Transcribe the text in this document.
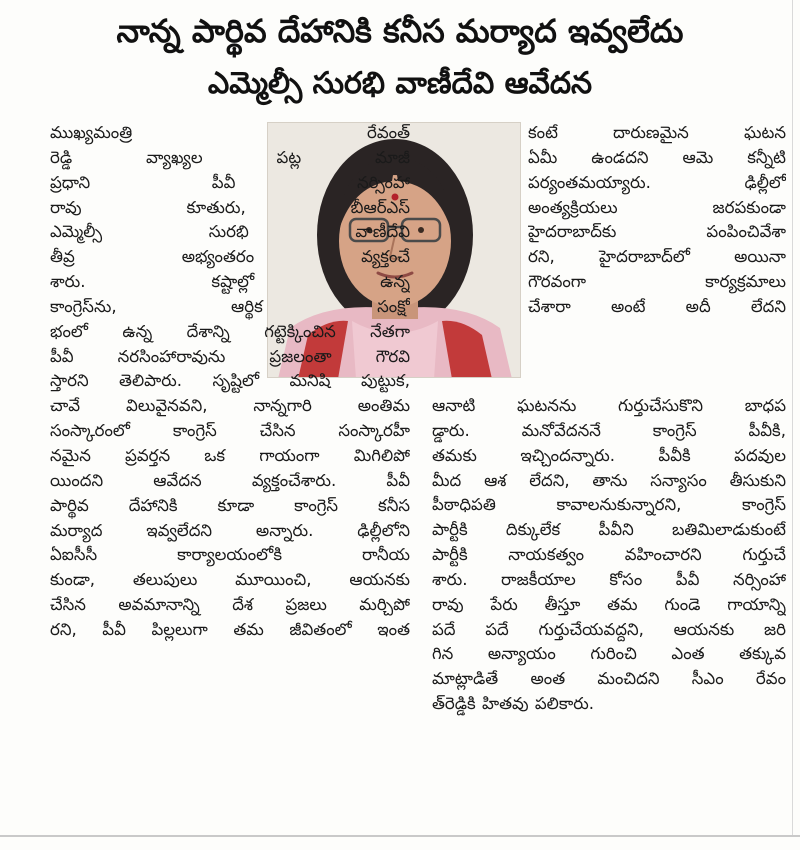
నాన్న పార్థివ దేహానికి కనీస మర్యాద ఇవ్వలేదు
ఎమ్మెల్సీ సురభి వాణీదేవి ఆవేదన
ముఖ్యమంత్రి రేవంత్
రెడ్డి వ్యాఖ్యల పట్ల మాజీ
ప్రధాని పీవీ నర్సింహా
రావు కూతురు, బీఆర్ఎస్
ఎమ్మెల్సీ సురభి వాణీదేవి
తీవ్ర అభ్యంతరం వ్యక్తంచే
శారు. కష్టాల్లో ఉన్న
కాంగ్రెస్‌ను, ఆర్థిక సంక్షో
భంలో ఉన్న దేశాన్ని గట్టెక్కించిన నేతగా
పీవీ నరసింహారావును ప్రజలంతా గౌరవి
స్తారని తెలిపారు. సృష్టిలో మనిషి పుట్టుక,
చావే విలువైనవని, నాన్నగారి అంతిమ
సంస్కారంలో కాంగ్రెస్ చేసిన సంస్కారహీ
నమైన ప్రవర్తన ఒక గాయంగా మిగిలిపో
యిందని ఆవేదన వ్యక్తంచేశారు. పీవీ
పార్థివ దేహానికి కూడా కాంగ్రెస్ కనీస
మర్యాద ఇవ్వలేదని అన్నారు. ఢిల్లీలోని
ఏఐసీసీ కార్యాలయంలోకి రానీయ
కుండా, తలుపులు మూయించి, ఆయనకు
చేసిన అవమానాన్ని దేశ ప్రజలు మర్చిపో
రని, పీవీ పిల్లలుగా తమ జీవితంలో ఇంత
కంటే దారుణమైన ఘటన
ఏమీ ఉండదని ఆమె కన్నీటి
పర్యంతమయ్యారు. ఢిల్లీలో
అంత్యక్రియలు జరపకుండా
హైదరాబాద్‌కు పంపించివేశా
రని, హైదరాబాద్‌లో అయినా
గౌరవంగా కార్యక్రమాలు
చేశారా అంటే అదీ లేదని
ఆనాటి ఘటనను గుర్తుచేసుకొని బాధప
డ్డారు. మనోవేదననే కాంగ్రెస్ పీవీకి,
తమకు ఇచ్చిందన్నారు. పీవీకి పదవుల
మీద ఆశ లేదని, తాను సన్యాసం తీసుకుని
పీఠాధిపతి కావాలనుకున్నారని, కాంగ్రెస్
పార్టీకి దిక్కులేక పీవీని బతిమిలాడుకుంటే
పార్టీకి నాయకత్వం వహించారని గుర్తుచే
శారు. రాజకీయాల కోసం పీవీ నర్సింహా
రావు పేరు తీస్తూ తమ గుండె గాయాన్ని
పదే పదే గుర్తుచేయవద్దని, ఆయనకు జరి
గిన అన్యాయం గురించి ఎంత తక్కువ
మాట్లాడితే అంత మంచిదని సీఎం రేవం
త్‌రెడ్డికి హితవు పలికారు.
